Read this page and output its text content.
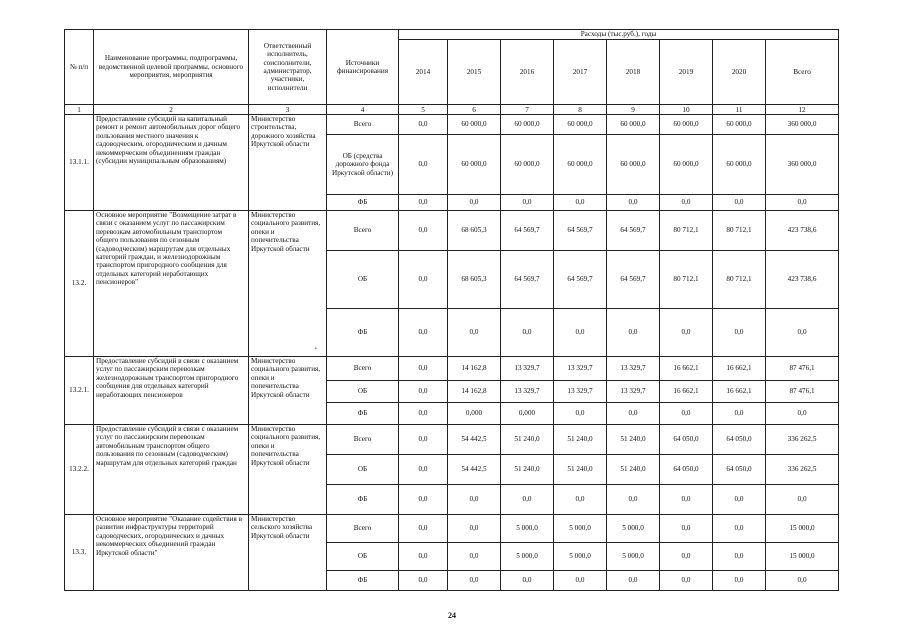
№ п/п	Наименование программы, подпрограммы, ведомственной целевой программы, основного мероприятия, мероприятия	Ответственный исполнитель, соисполнители, администратор, участники, исполнители	Источники финансирования	Расходы (тыс.руб.), годы							
				2014	2015	2016	2017	2018	2019	2020	Всего
1	2	3	4	5	6	7	8	9	10	11	12
13.1.1.	Предоставление субсидий на капитальный ремонт и ремонт автомобильных дорог общего пользования местного значения к садоводческим, огородническим и дачным некоммерческим объединениям граждан (субсидии муниципальным образованиям)	Министерство строительства, дорожного хозяйства Иркутской области	Всего	0,0	60 000,0	60 000,0	60 000,0	60 000,0	60 000,0	60 000,0	360 000,0
			ОБ (средства дорожного фонда Иркутской области)	0,0	60 000,0	60 000,0	60 000,0	60 000,0	60 000,0	60 000,0	360 000,0
			ФБ	0,0	0,0	0,0	0,0	0,0	0,0	0,0	0,0
13.2.	Основное мероприятие "Возмещение затрат в связи с оказанием услуг по пассажирским перевозкам автомобильным транспортом общего пользования по сезонным (садоводческим) маршрутам для отдельных категорий граждан, и железнодорожным транспортом пригородного сообщения для отдельных категорий неработающих пенсионеров"	Министерство социального развития, опеки и попечительства Иркутской области	Всего	0,0	68 605,3	64 569,7	64 569,7	64 569,7	80 712,1	80 712,1	423 738,6
			ОБ	0,0	68 605,3	64 569,7	64 569,7	64 569,7	80 712,1	80 712,1	423 738,6
			ФБ	0,0	0,0	0,0	0,0	0,0	0,0	0,0	0,0
13.2.1.	Предоставление субсидий в связи с оказанием услуг по пассажирским перевозкам железнодорожным транспортом пригородного сообщения для отдельных категорий неработающих пенсионеров	Министерство социального развития, опеки и попечительства Иркутской области	Всего	0,0	14 162,8	13 329,7	13 329,7	13 329,7	16 662,1	16 662,1	87 476,1
			ОБ	0,0	14 162,8	13 329,7	13 329,7	13 329,7	16 662,1	16 662,1	87 476,1
			ФБ	0,0	0,000	0,000	0,0	0,0	0,0	0,0	0,0
13.2.2.	Предоставление субсидий в связи с оказанием услуг по пассажирским перевозкам автомобильным транспортом общего пользования по сезонным (садоводческим) маршрутам для отдельных категорий граждан	Министерство социального развития, опеки и попечительства Иркутской области	Всего	0,0	54 442,5	51 240,0	51 240,0	51 240,0	64 050,0	64 050,0	336 262,5
			ОБ	0,0	54 442,5	51 240,0	51 240,0	51 240,0	64 050,0	64 050,0	336 262,5
			ФБ	0,0	0,0	0,0	0,0	0,0	0,0	0,0	0,0
13.3.	Основное мероприятие "Оказание содействия в развитии инфраструктуры территорий садоводческих, огороднических и дачных некоммерческих объединений граждан Иркутской области"	Министерство сельского хозяйства Иркутской области	Всего	0,0	0,0	5 000,0	5 000,0	5 000,0	0,0	0,0	15 000,0
			ОБ	0,0	0,0	5 000,0	5 000,0	5 000,0	0,0	0,0	15 000,0
			ФБ	0,0	0,0	0,0	0,0	0,0	0,0	0,0	0,0
•
24
